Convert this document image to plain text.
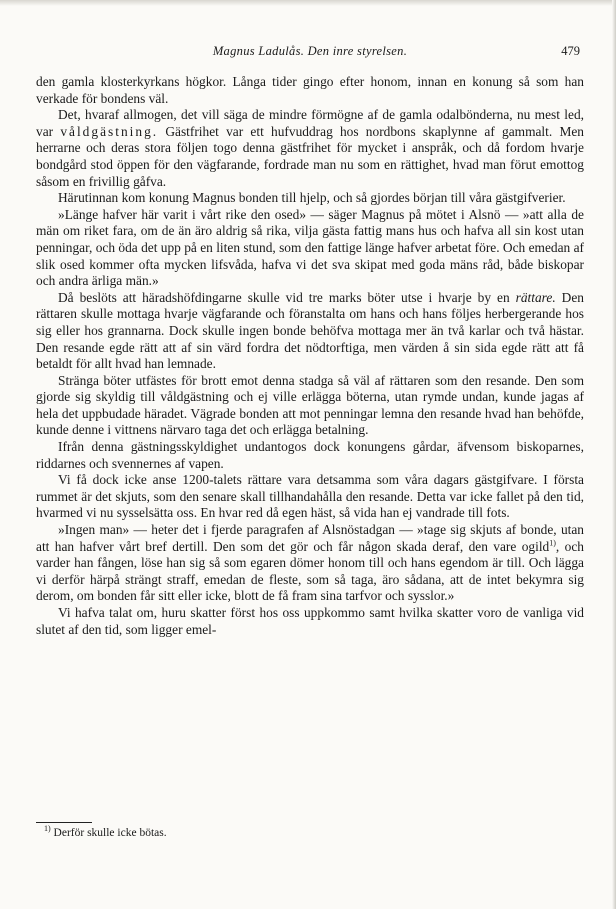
Magnus Ladulås. Den inre styrelsen.	479

den gamla klosterkyrkans högkor. Långa tider gingo efter honom, innan en konung så som han verkade för bondens väl.

Det, hvaraf allmogen, det vill säga de mindre förmögne af de gamla odalbönderna, nu mest led, var våldgästning. Gästfrihet var ett hufvuddrag hos nordbons skaplynne af gammalt. Men herrarne och deras stora följen togo denna gästfrihet för mycket i anspråk, och då fordom hvarje bondgård stod öppen för den vägfarande, fordrade man nu som en rättighet, hvad man förut emottog såsom en frivillig gåfva.

Härutinnan kom konung Magnus bonden till hjelp, och så gjordes början till våra gästgifverier.

»Länge hafver här varit i vårt rike den osed» — säger Magnus på mötet i Alsnö — »att alla de män om riket fara, om de än äro aldrig så rika, vilja gästa fattig mans hus och hafva all sin kost utan penningar, och öda det upp på en liten stund, som den fattige länge hafver arbetat före. Och emedan af slik osed kommer ofta mycken lifsvåda, hafva vi det sva skipat med goda mäns råd, både biskopar och andra ärliga män.»

Då beslöts att häradshöfdingarne skulle vid tre marks böter utse i hvarje by en rättare. Den rättaren skulle mottaga hvarje vägfarande och föranstalta om hans och hans följes herbergerande hos sig eller hos grannarna. Dock skulle ingen bonde behöfva mottaga mer än två karlar och två hästar. Den resande egde rätt att af sin värd fordra det nödtorftiga, men värden å sin sida egde rätt att få betaldt för allt hvad han lemnade.

Stränga böter utfästes för brott emot denna stadga så väl af rättaren som den resande. Den som gjorde sig skyldig till våldgästning och ej ville erlägga böterna, utan rymde undan, kunde jagas af hela det uppbudade häradet. Vägrade bonden att mot penningar lemna den resande hvad han behöfde, kunde denne i vittnens närvaro taga det och erlägga betalning.

Ifrån denna gästningsskyldighet undantogos dock konungens gårdar, äfvensom biskoparnes, riddarnes och svennernes af vapen.

Vi få dock icke anse 1200-talets rättare vara detsamma som våra dagars gästgifvare. I första rummet är det skjuts, som den senare skall tillhandahålla den resande. Detta var icke fallet på den tid, hvarmed vi nu sysselsätta oss. En hvar red då egen häst, så vida han ej vandrade till fots.

»Ingen man» — heter det i fjerde paragrafen af Alsnöstadgan — »tage sig skjuts af bonde, utan att han hafver vårt bref dertill. Den som det gör och får någon skada deraf, den vare ogild$^{1)}$, och varder han fången, löse han sig så som egaren dömer honom till och hans egendom är till. Och lägga vi derför härpå strängt straff, emedan de fleste, som så taga, äro sådana, att de intet bekymra sig derom, om bonden får sitt eller icke, blott de få fram sina tarfvor och sysslor.»

Vi hafva talat om, huru skatter först hos oss uppkommo samt hvilka skatter voro de vanliga vid slutet af den tid, som ligger emel-

$^{1)}$ Derför skulle icke bötas.
